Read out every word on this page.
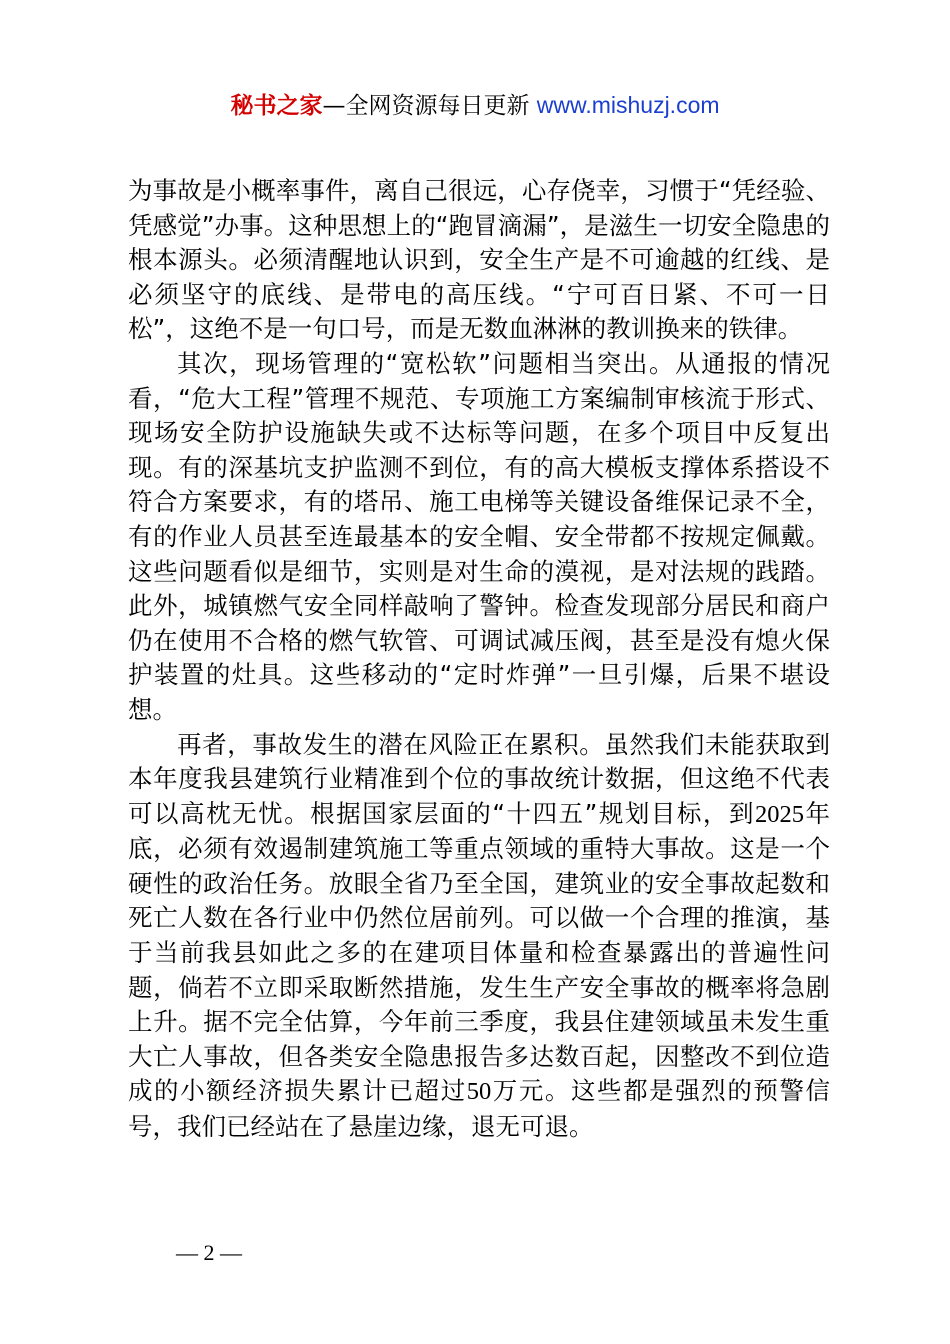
秘书之家—全网资源每日更新 www.mishuzj.com

为事故是小概率事件，离自己很远，心存侥幸，习惯于“凭经验、凭感觉”办事。这种思想上的“跑冒滴漏”，是滋生一切安全隐患的根本源头。必须清醒地认识到，安全生产是不可逾越的红线、是必须坚守的底线、是带电的高压线。“宁可百日紧、不可一日松”，这绝不是一句口号，而是无数血淋淋的教训换来的铁律。

其次，现场管理的“宽松软”问题相当突出。从通报的情况看，“危大工程”管理不规范、专项施工方案编制审核流于形式、现场安全防护设施缺失或不达标等问题，在多个项目中反复出现。有的深基坑支护监测不到位，有的高大模板支撑体系搭设不符合方案要求，有的塔吊、施工电梯等关键设备维保记录不全，有的作业人员甚至连最基本的安全帽、安全带都不按规定佩戴。这些问题看似是细节，实则是对生命的漠视，是对法规的践踏。此外，城镇燃气安全同样敲响了警钟。检查发现部分居民和商户仍在使用不合格的燃气软管、可调试减压阀，甚至是没有熄火保护装置的灶具。这些移动的“定时炸弹”一旦引爆，后果不堪设想。

再者，事故发生的潜在风险正在累积。虽然我们未能获取到本年度我县建筑行业精准到个位的事故统计数据，但这绝不代表可以高枕无忧。根据国家层面的“十四五”规划目标，到2025年底，必须有效遏制建筑施工等重点领域的重特大事故。这是一个硬性的政治任务。放眼全省乃至全国，建筑业的安全事故起数和死亡人数在各行业中仍然位居前列。可以做一个合理的推演，基于当前我县如此之多的在建项目体量和检查暴露出的普遍性问题，倘若不立即采取断然措施，发生生产安全事故的概率将急剧上升。据不完全估算，今年前三季度，我县住建领域虽未发生重大亡人事故，但各类安全隐患报告多达数百起，因整改不到位造成的小额经济损失累计已超过50万元。这些都是强烈的预警信号，我们已经站在了悬崖边缘，退无可退。

— 2 —
